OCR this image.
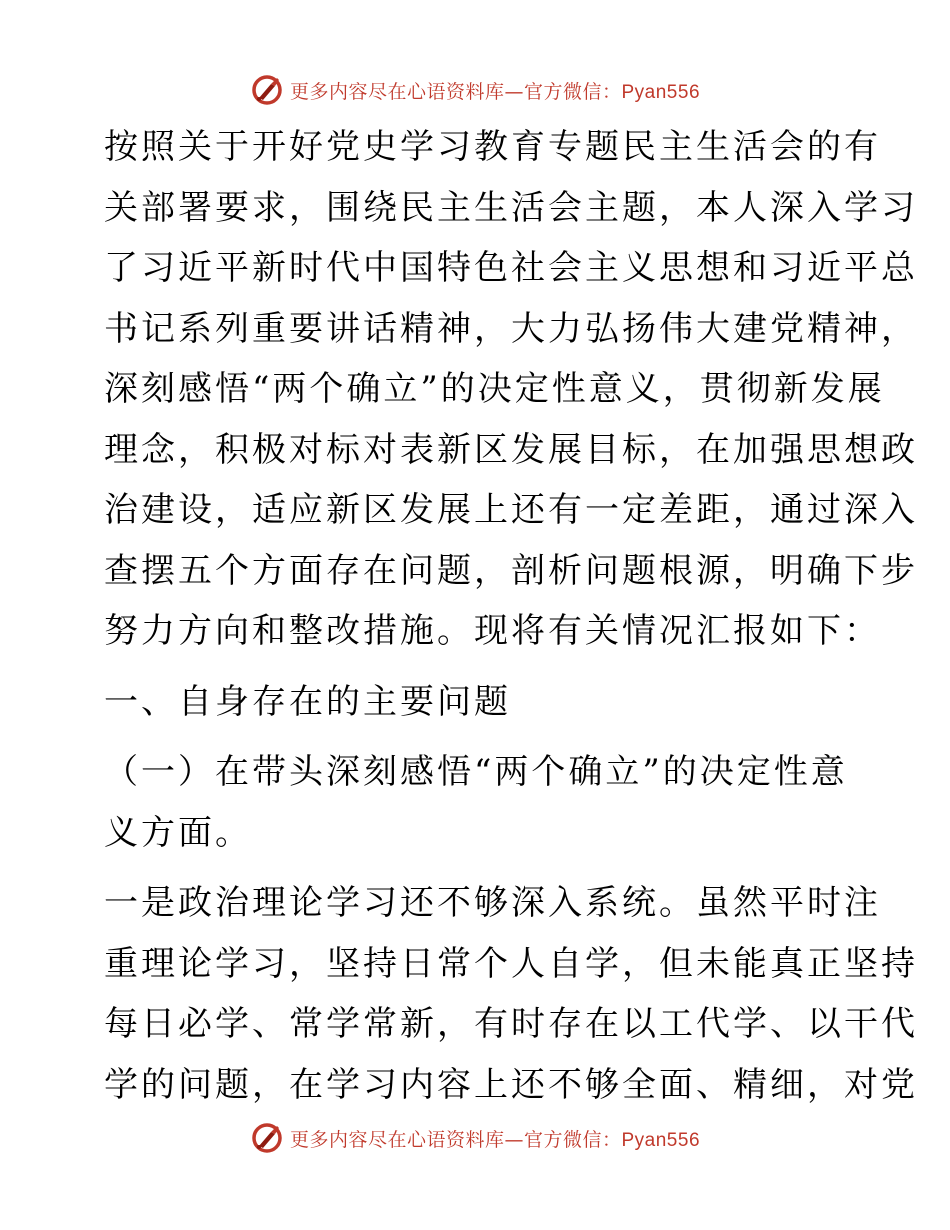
更多内容尽在心语资料库—官方微信：Pyan556
按照关于开好党史学习教育专题民主生活会的有
关部署要求，围绕民主生活会主题，本人深入学习
了习近平新时代中国特色社会主义思想和习近平总
书记系列重要讲话精神，大力弘扬伟大建党精神，
深刻感悟“两个确立”的决定性意义，贯彻新发展
理念，积极对标对表新区发展目标，在加强思想政
治建设，适应新区发展上还有一定差距，通过深入
查摆五个方面存在问题，剖析问题根源，明确下步
努力方向和整改措施。现将有关情况汇报如下：
一、自身存在的主要问题
（一）在带头深刻感悟“两个确立”的决定性意
义方面。
一是政治理论学习还不够深入系统。虽然平时注
重理论学习，坚持日常个人自学，但未能真正坚持
每日必学、常学常新，有时存在以工代学、以干代
学的问题，在学习内容上还不够全面、精细，对党
更多内容尽在心语资料库—官方微信：Pyan556
